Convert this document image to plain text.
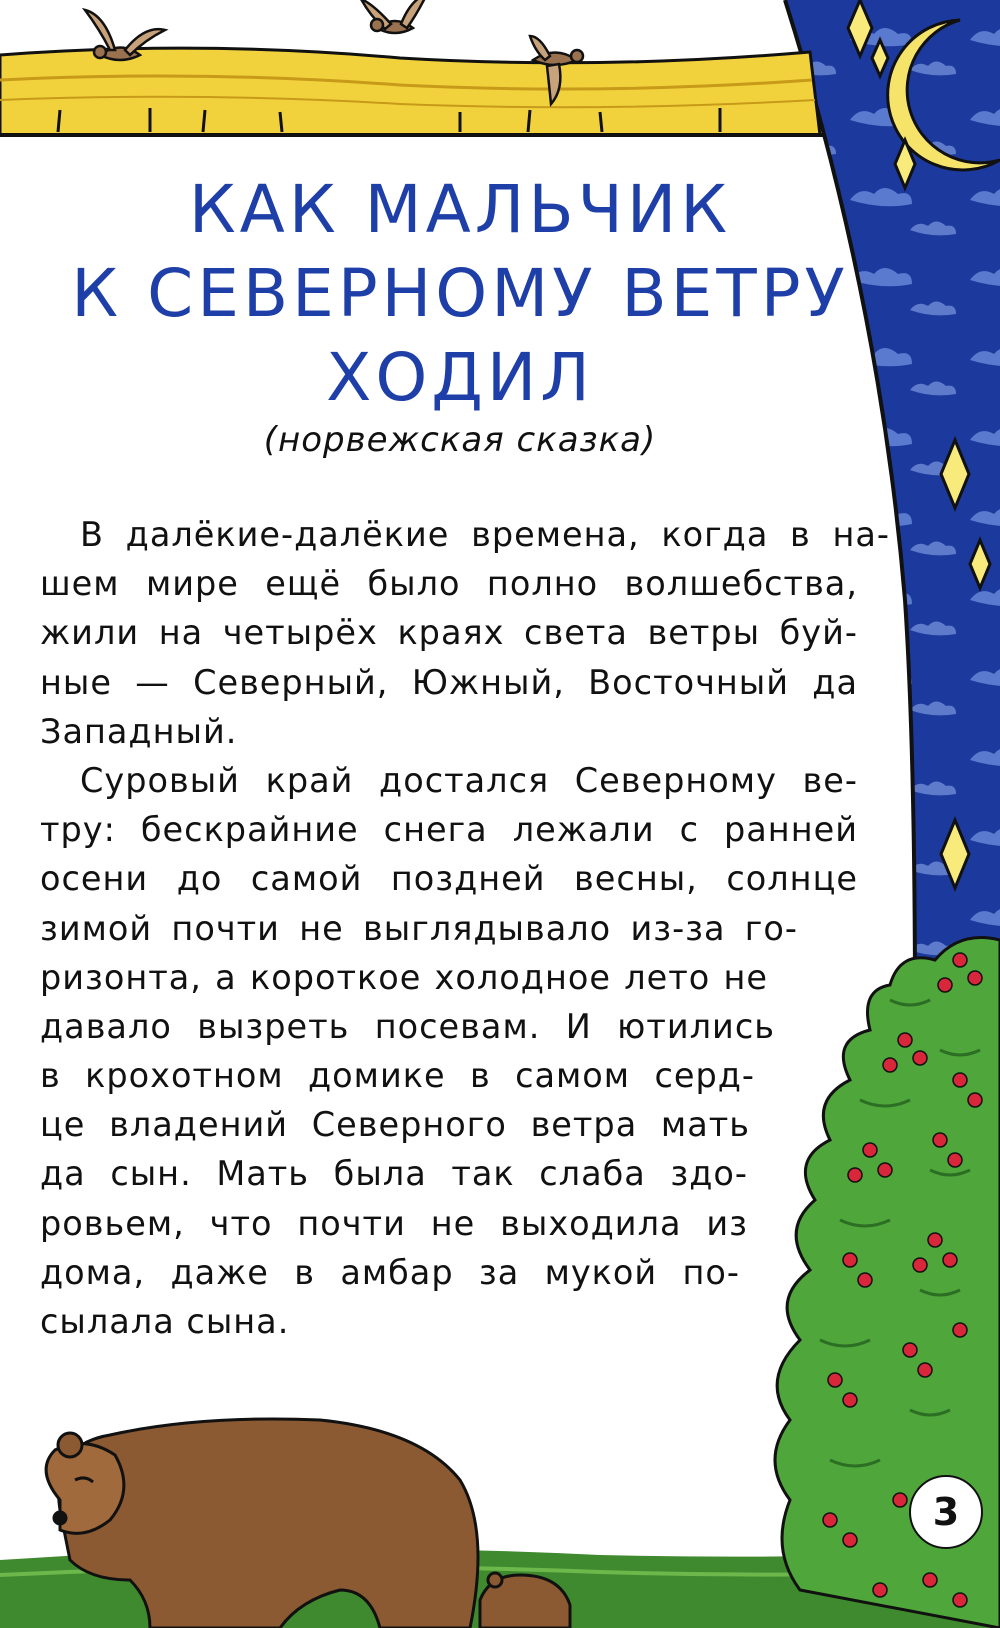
КАК МАЛЬЧИК
К СЕВЕРНОМУ ВЕТРУ
ХОДИЛ
(норвежская сказка)
В далёкие-далёкие времена, когда в на-
шем мире ещё было полно волшебства,
жили на четырёх краях света ветры буй-
ные — Северный, Южный, Восточный да
Западный.
Суровый край достался Северному ве-
тру: бескрайние снега лежали с ранней
осени до самой поздней весны, солнце
зимой почти не выглядывало из-за го-
ризонта, а короткое холодное лето не
давало вызреть посевам. И ютились
в крохотном домике в самом серд-
це владений Северного ветра мать
да сын. Мать была так слаба здо-
ровьем, что почти не выходила из
дома, даже в амбар за мукой по-
сылала сына.
3
